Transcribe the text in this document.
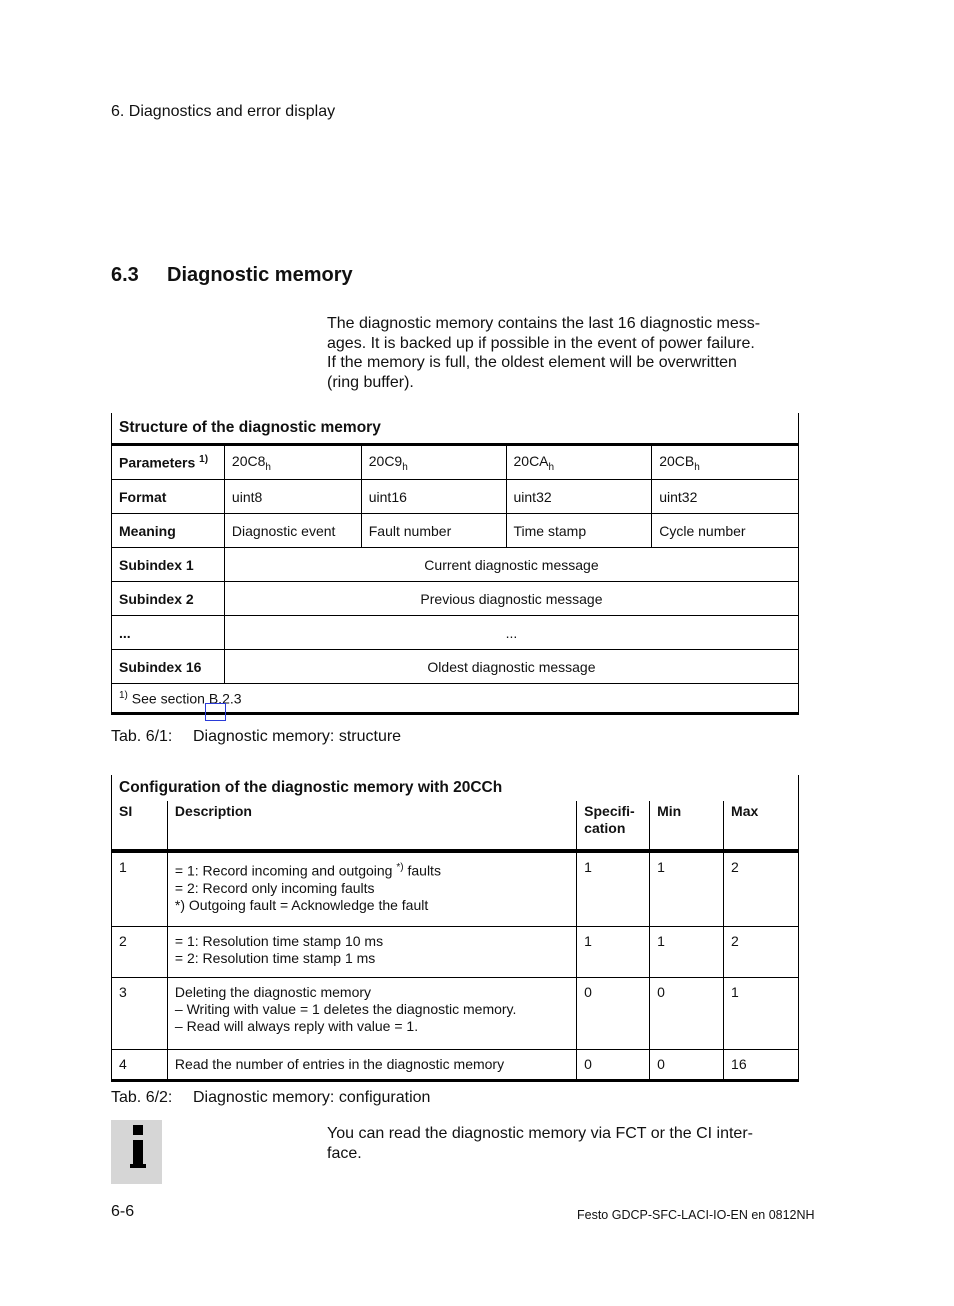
6. Diagnostics and error display
6.3 Diagnostic memory
The diagnostic memory contains the last 16 diagnostic mess-
ages. It is backed up if possible in the event of power failure.
If the memory is full, the oldest element will be overwritten
(ring buffer).
Structure of the diagnostic memory				
Parameters $^{1)}$	$20C8_h$	$20C9_h$	$20CA_h$	$20CB_h$
Format	uint8	uint16	uint32	uint32
Meaning	Diagnostic event	Fault number	Time stamp	Cycle number
Subindex 1	Current diagnostic message			
Subindex 2	Previous diagnostic message			
...	...			
Subindex 16	Oldest diagnostic message			
$^{1)}$ See section B.2.3				
Tab. 6/1: Diagnostic memory: structure
Configuration of the diagnostic memory with 20CCh				
SI	Description	Specifi-
cation	Min	Max
1	= 1: Record incoming and outgoing *) faults
= 2: Record only incoming faults
*) Outgoing fault = Acknowledge the fault	1	1	2
2	= 1: Resolution time stamp 10 ms
= 2: Resolution time stamp 1 ms	1	1	2
3	Deleting the diagnostic memory
– Writing with value = 1 deletes the diagnostic memory.
– Read will always reply with value = 1.	0	0	1
4	Read the number of entries in the diagnostic memory	0	0	16
Tab. 6/2: Diagnostic memory: configuration
You can read the diagnostic memory via FCT or the CI inter-
face.
6-6	Festo GDCP-SFC-LACI-IO-EN en 0812NH
